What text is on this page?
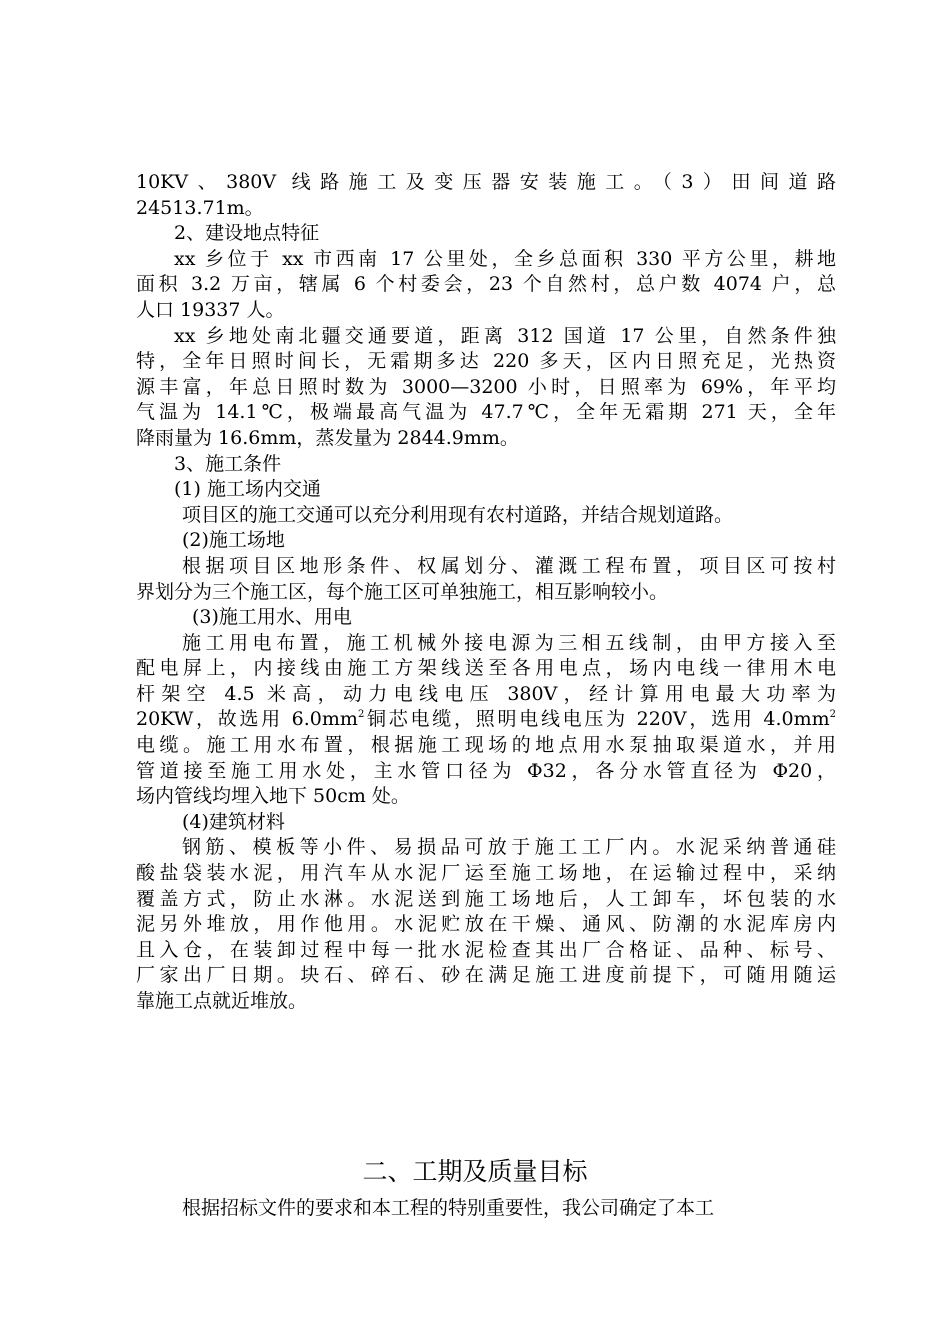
10KV、380V 线路施工及变压器安装施工。（3）田间道路
24513.71m。
2、建设地点特征
xx 乡位于 xx 市西南 17 公里处，全乡总面积 330 平方公里，耕地
面积 3.2 万亩，辖属 6 个村委会，23 个自然村，总户数 4074 户，总
人口 19337 人。
xx 乡地处南北疆交通要道，距离 312 国道 17 公里，自然条件独
特，全年日照时间长，无霜期多达 220 多天，区内日照充足，光热资
源丰富，年总日照时数为 3000—3200 小时，日照率为 69%，年平均
气温为 14.1℃，极端最高气温为 47.7℃，全年无霜期 271 天，全年
降雨量为 16.6mm，蒸发量为 2844.9mm。
3、施工条件
(1) 施工场内交通
项目区的施工交通可以充分利用现有农村道路，并结合规划道路。
(2)施工场地
根据项目区地形条件、权属划分、灌溉工程布置，项目区可按村
界划分为三个施工区，每个施工区可单独施工，相互影响较小。
(3)施工用水、用电
施工用电布置，施工机械外接电源为三相五线制，由甲方接入至
配电屏上，内接线由施工方架线送至各用电点，场内电线一律用木电
杆架空 4.5 米高，动力电线电压 380V，经计算用电最大功率为
20KW，故选用 $6.0mm^2$铜芯电缆，照明电线电压为 220V，选用 $4.0mm^2$
电缆。施工用水布置，根据施工现场的地点用水泵抽取渠道水，并用
管道接至施工用水处，主水管口径为 Φ32，各分水管直径为 Φ20，
场内管线均埋入地下 50cm 处。
(4)建筑材料
钢筋、模板等小件、易损品可放于施工工厂内。水泥采纳普通硅
酸盐袋装水泥，用汽车从水泥厂运至施工场地，在运输过程中，采纳
覆盖方式，防止水淋。水泥送到施工场地后，人工卸车，坏包装的水
泥另外堆放，用作他用。水泥贮放在干燥、通风、防潮的水泥库房内
且入仓，在装卸过程中每一批水泥检查其出厂合格证、品种、标号、
厂家出厂日期。块石、碎石、砂在满足施工进度前提下，可随用随运
靠施工点就近堆放。
二、工期及质量目标

根据招标文件的要求和本工程的特别重要性，我公司确定了本工
